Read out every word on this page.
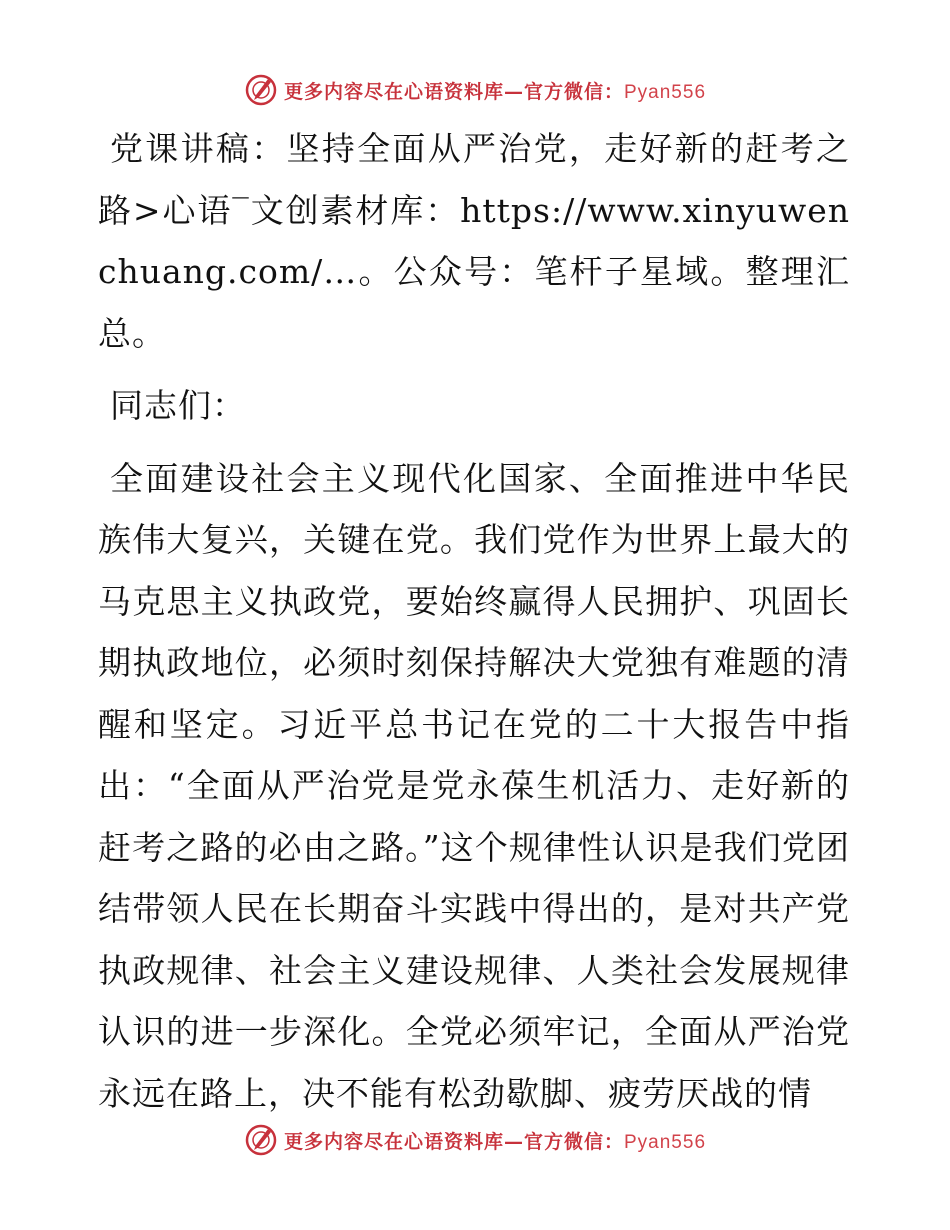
更多内容尽在心语资料库—官方微信：Pyan556

党课讲稿：坚持全面从严治党，走好新的赶考之路>心语‾文创素材库：https://www.xinyuwenchuang.com/…。公众号：笔杆子星域。整理汇总。

同志们：

全面建设社会主义现代化国家、全面推进中华民族伟大复兴，关键在党。我们党作为世界上最大的马克思主义执政党，要始终赢得人民拥护、巩固长期执政地位，必须时刻保持解决大党独有难题的清醒和坚定。习近平总书记在党的二十大报告中指出：“全面从严治党是党永葆生机活力、走好新的赶考之路的必由之路。”这个规律性认识是我们党团结带领人民在长期奋斗实践中得出的，是对共产党执政规律、社会主义建设规律、人类社会发展规律认识的进一步深化。全党必须牢记，全面从严治党永远在路上，决不能有松劲歇脚、疲劳厌战的情

更多内容尽在心语资料库—官方微信：Pyan556
